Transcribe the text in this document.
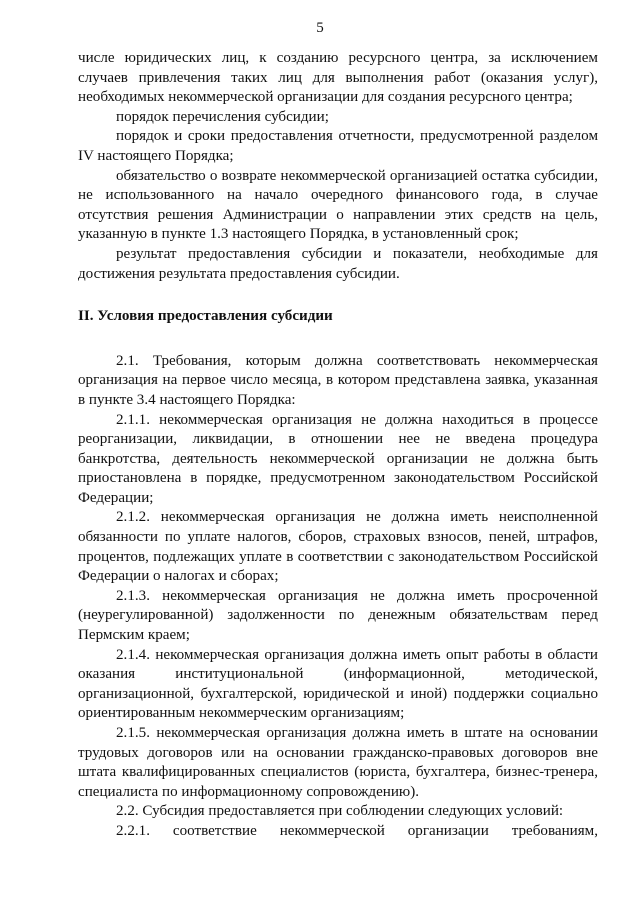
5

числе юридических лиц, к созданию ресурсного центра, за исключением случаев привлечения таких лиц для выполнения работ (оказания услуг), необходимых некоммерческой организации для создания ресурсного центра;

порядок перечисления субсидии;

порядок и сроки предоставления отчетности, предусмотренной разделом IV настоящего Порядка;

обязательство о возврате некоммерческой организацией остатка субсидии, не использованного на начало очередного финансового года, в случае отсутствия решения Администрации о направлении этих средств на цель, указанную в пункте 1.3 настоящего Порядка, в установленный срок;

результат предоставления субсидии и показатели, необходимые для достижения результата предоставления субсидии.

II. Условия предоставления субсидии

2.1. Требования, которым должна соответствовать некоммерческая организация на первое число месяца, в котором представлена заявка, указанная в пункте 3.4 настоящего Порядка:

2.1.1. некоммерческая организация не должна находиться в процессе реорганизации, ликвидации, в отношении нее не введена процедура банкротства, деятельность некоммерческой организации не должна быть приостановлена в порядке, предусмотренном законодательством Российской Федерации;

2.1.2. некоммерческая организация не должна иметь неисполненной обязанности по уплате налогов, сборов, страховых взносов, пеней, штрафов, процентов, подлежащих уплате в соответствии с законодательством Российской Федерации о налогах и сборах;

2.1.3. некоммерческая организация не должна иметь просроченной (неурегулированной) задолженности по денежным обязательствам перед Пермским краем;

2.1.4. некоммерческая организация должна иметь опыт работы в области оказания институциональной (информационной, методической, организационной, бухгалтерской, юридической и иной) поддержки социально ориентированным некоммерческим организациям;

2.1.5. некоммерческая организация должна иметь в штате на основании трудовых договоров или на основании гражданско-правовых договоров вне штата квалифицированных специалистов (юриста, бухгалтера, бизнес-тренера, специалиста по информационному сопровождению).

2.2. Субсидия предоставляется при соблюдении следующих условий:

2.2.1. соответствие некоммерческой организации требованиям,
